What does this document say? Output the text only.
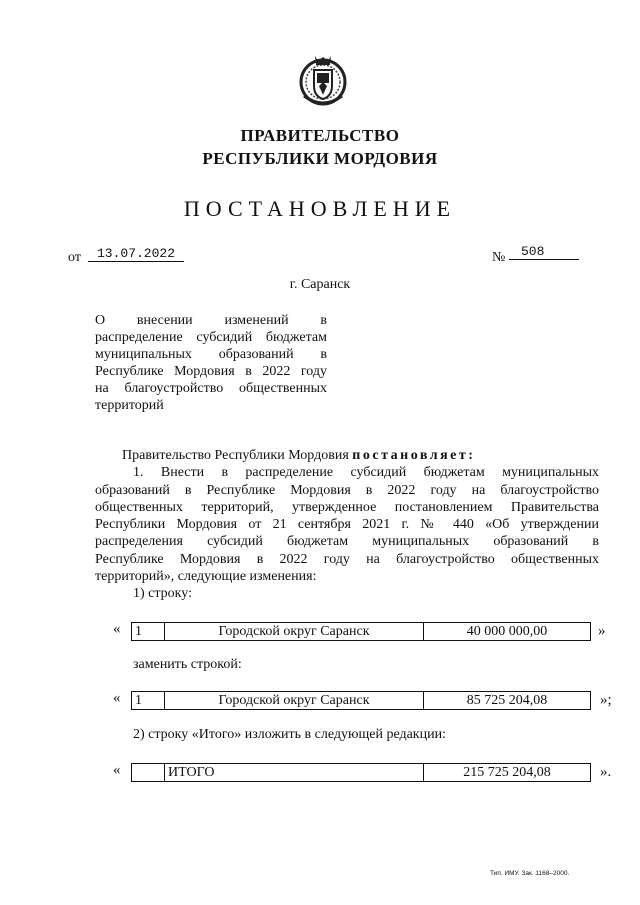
ПРАВИТЕЛЬСТВО
РЕСПУБЛИКИ МОРДОВИЯ
ПОСТАНОВЛЕНИЕ
от	13.07.2022	№	508
г. Саранск
О внесении изменений в
распределение субсидий бюджетам
муниципальных образований в
Республике Мордовия в 2022 году
на благоустройство общественных
территорий
Правительство Республики Мордовия постановляет:
1. Внести в распределение субсидий бюджетам муниципальных
образований в Республике Мордовия в 2022 году на благоустройство
общественных территорий, утвержденное постановлением Правительства
Республики Мордовия от 21 сентября 2021 г. № 440 «Об утверждении
распределения субсидий бюджетам муниципальных образований в
Республике Мордовия в 2022 году на благоустройство общественных
территорий», следующие изменения:
1) строку:
« 1	Городской округ Саранск	40 000 000,00	»
заменить строкой:
« 1	Городской округ Саранск	85 725 204,08	»;
2) строку «Итого» изложить в следующей редакции:
«
		ИТОГО	215 725 204,08	».
Тип. ИМУ. Зак. 1168–2000.
